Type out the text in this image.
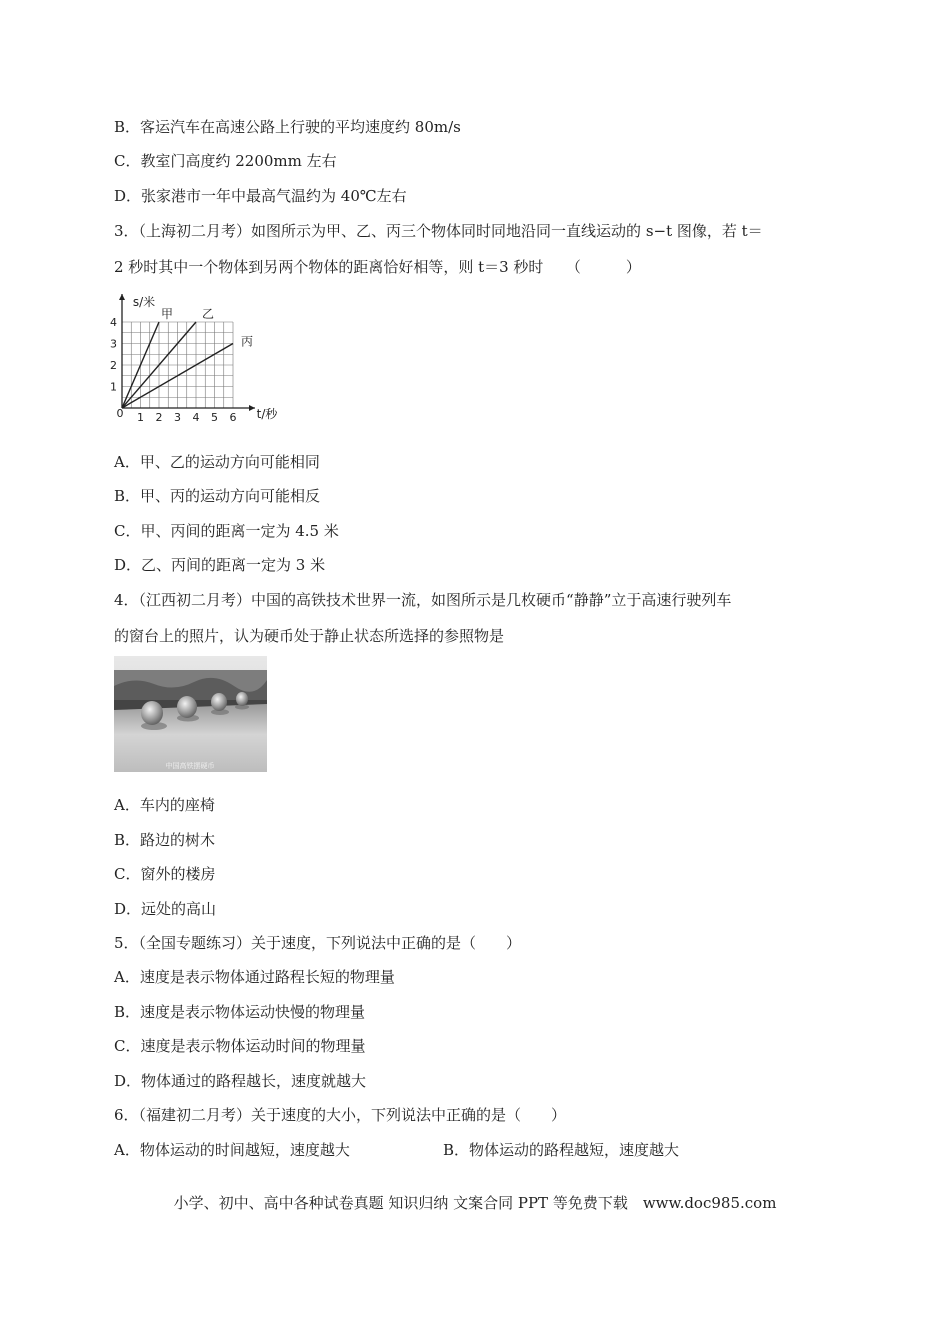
B．客运汽车在高速公路上行驶的平均速度约 80m/s
C．教室门高度约 2200mm 左右
D．张家港市一年中最高气温约为 40℃左右
3．（上海初二月考）如图所示为甲、乙、丙三个物体同时同地沿同一直线运动的 s−t 图像，若 t＝
2 秒时其中一个物体到另两个物体的距离恰好相等，则 t＝3 秒时　　（　　　）
甲 乙
丙
1 2 3 4 5 6
1
2
3
4
0
s/米
t/秒
A．甲、乙的运动方向可能相同
B．甲、丙的运动方向可能相反
C．甲、丙间的距离一定为 4.5 米
D．乙、丙间的距离一定为 3 米
4．（江西初二月考）中国的高铁技术世界一流，如图所示是几枚硬币“静静”立于高速行驶列车
的窗台上的照片，认为硬币处于静止状态所选择的参照物是
中国高铁摆硬币
A．车内的座椅
B．路边的树木
C．窗外的楼房
D．远处的高山
5．（全国专题练习）关于速度，下列说法中正确的是（　　）
A．速度是表示物体通过路程长短的物理量
B．速度是表示物体运动快慢的物理量
C．速度是表示物体运动时间的物理量
D．物体通过的路程越长，速度就越大
6．（福建初二月考）关于速度的大小，下列说法中正确的是（　　）
A．物体运动的时间越短，速度越大	B．物体运动的路程越短，速度越大
小学、初中、高中各种试卷真题 知识归纳 文案合同 PPT 等免费下载　www.doc985.com
